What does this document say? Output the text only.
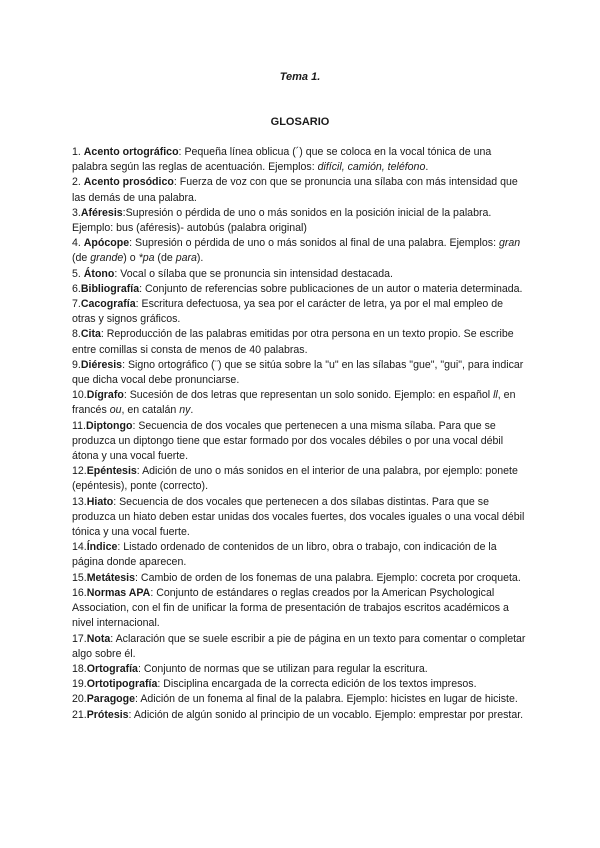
Tema 1.

GLOSARIO

1. Acento ortográfico: Pequeña línea oblicua (´) que se coloca en la vocal tónica de una palabra según las reglas de acentuación. Ejemplos: difícil, camión, teléfono.
2. Acento prosódico: Fuerza de voz con que se pronuncia una sílaba con más intensidad que las demás de una palabra.
3.Aféresis:Supresión o pérdida de uno o más sonidos en la posición inicial de la palabra. Ejemplo: bus (aféresis)- autobús (palabra original)
4. Apócope: Supresión o pérdida de uno o más sonidos al final de una palabra. Ejemplos: gran (de grande) o *pa (de para).
5. Átono: Vocal o sílaba que se pronuncia sin intensidad destacada.
6.Bibliografía: Conjunto de referencias sobre publicaciones de un autor o materia determinada.
7.Cacografía: Escritura defectuosa, ya sea por el carácter de letra, ya por el mal empleo de otras y signos gráficos.
8.Cita: Reproducción de las palabras emitidas por otra persona en un texto propio. Se escribe entre comillas si consta de menos de 40 palabras.
9.Diéresis: Signo ortográfico (¨) que se sitúa sobre la "u" en las sílabas "gue", "gui", para indicar que dicha vocal debe pronunciarse.
10.Dígrafo: Sucesión de dos letras que representan un solo sonido. Ejemplo: en español ll, en francés ou, en catalán ny.
11.Diptongo: Secuencia de dos vocales que pertenecen a una misma sílaba. Para que se produzca un diptongo tiene que estar formado por dos vocales débiles o por una vocal débil átona y una vocal fuerte.
12.Epéntesis: Adición de uno o más sonidos en el interior de una palabra, por ejemplo: ponete (epéntesis), ponte (correcto).
13.Hiato: Secuencia de dos vocales que pertenecen a dos sílabas distintas. Para que se produzca un hiato deben estar unidas dos vocales fuertes, dos vocales iguales o una vocal débil tónica y una vocal fuerte.
14.Índice: Listado ordenado de contenidos de un libro, obra o trabajo, con indicación de la página donde aparecen.
15.Metátesis: Cambio de orden de los fonemas de una palabra. Ejemplo: cocreta por croqueta.
16.Normas APA: Conjunto de estándares o reglas creados por la American Psychological Association, con el fin de unificar la forma de presentación de trabajos escritos académicos a nivel internacional.
17.Nota: Aclaración que se suele escribir a pie de página en un texto para comentar o completar algo sobre él.
18.Ortografía: Conjunto de normas que se utilizan para regular la escritura.
19.Ortotipografía: Disciplina encargada de la correcta edición de los textos impresos.
20.Paragoge: Adición de un fonema al final de la palabra. Ejemplo: hicistes en lugar de hiciste.
21.Prótesis: Adición de algún sonido al principio de un vocablo. Ejemplo: emprestar por prestar.
